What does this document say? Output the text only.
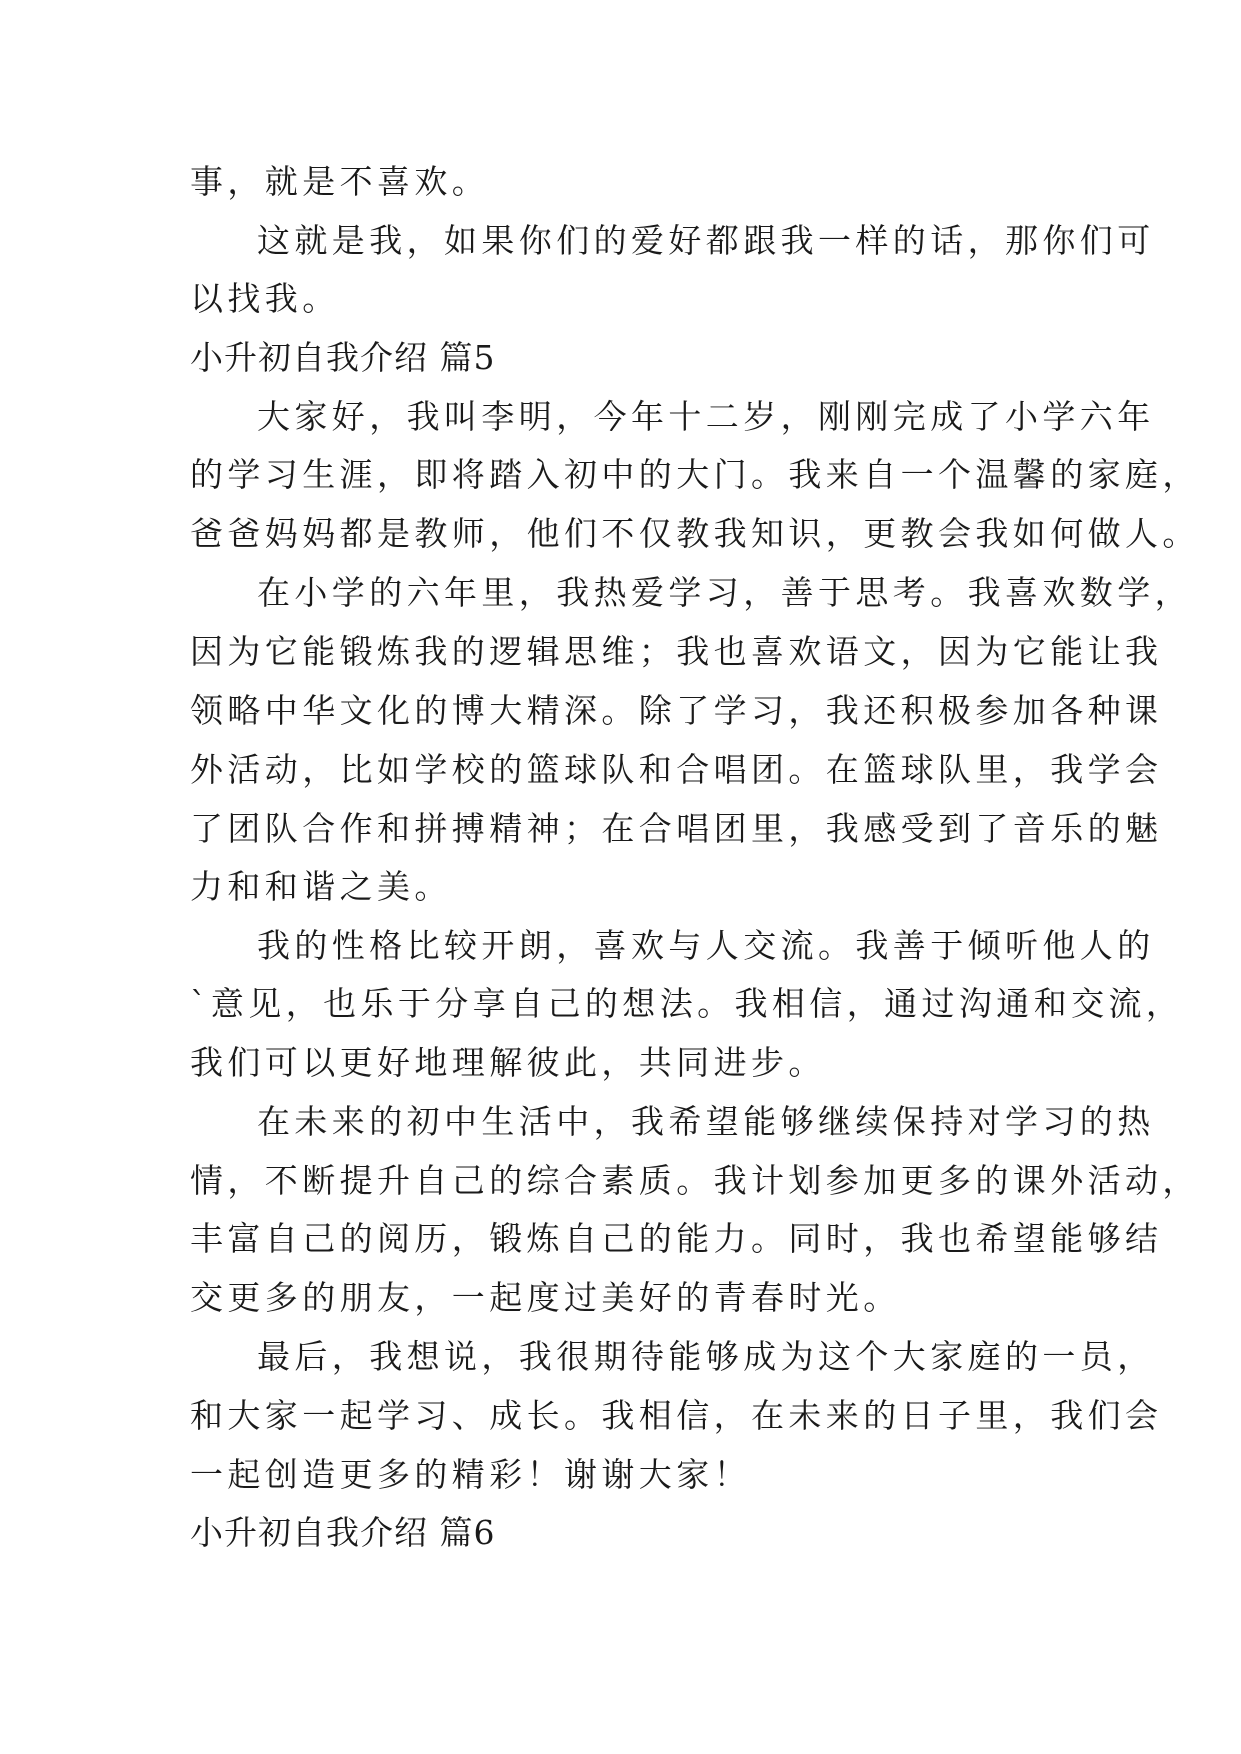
事，就是不喜欢。
这就是我，如果你们的爱好都跟我一样的话，那你们可
以找我。
小升初自我介绍 篇5
大家好，我叫李明，今年十二岁，刚刚完成了小学六年
的学习生涯，即将踏入初中的大门。我来自一个温馨的家庭，
爸爸妈妈都是教师，他们不仅教我知识，更教会我如何做人。
在小学的六年里，我热爱学习，善于思考。我喜欢数学，
因为它能锻炼我的逻辑思维；我也喜欢语文，因为它能让我
领略中华文化的博大精深。除了学习，我还积极参加各种课
外活动，比如学校的篮球队和合唱团。在篮球队里，我学会
了团队合作和拼搏精神；在合唱团里，我感受到了音乐的魅
力和和谐之美。
我的性格比较开朗，喜欢与人交流。我善于倾听他人的
`意见，也乐于分享自己的想法。我相信，通过沟通和交流，
我们可以更好地理解彼此，共同进步。
在未来的初中生活中，我希望能够继续保持对学习的热
情，不断提升自己的综合素质。我计划参加更多的课外活动，
丰富自己的阅历，锻炼自己的能力。同时，我也希望能够结
交更多的朋友，一起度过美好的青春时光。
最后，我想说，我很期待能够成为这个大家庭的一员，
和大家一起学习、成长。我相信，在未来的日子里，我们会
一起创造更多的精彩！谢谢大家！
小升初自我介绍 篇6
